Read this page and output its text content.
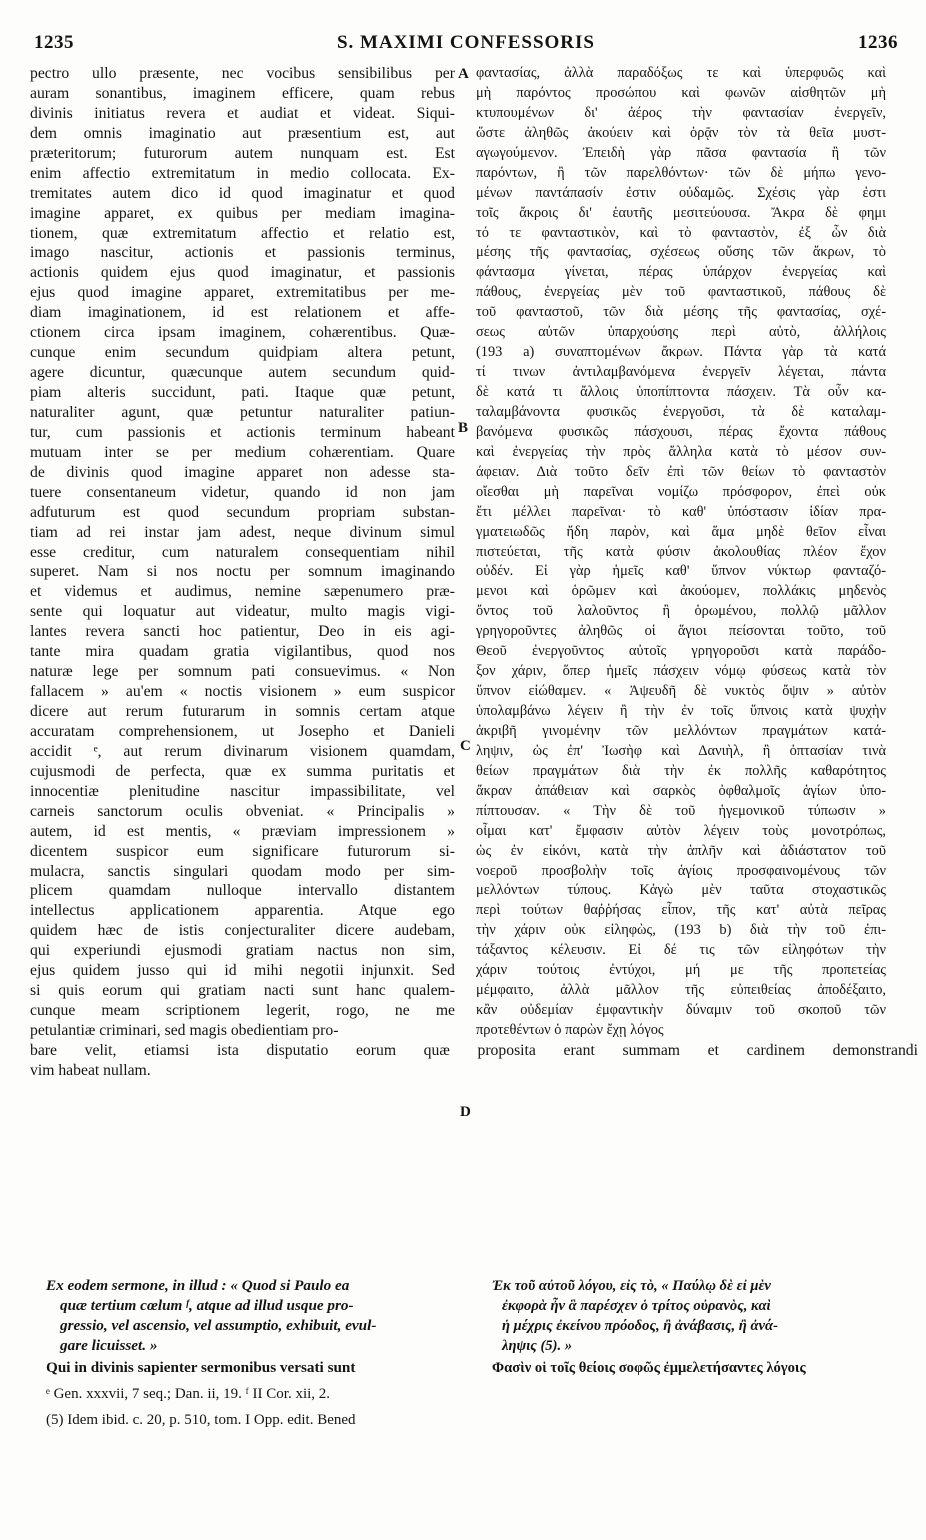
1235	S. MAXIMI CONFESSORIS	1236
pectro ullo præsente, nec vocibus sensibilibus per
auram sonantibus, imaginem efficere, quam rebus
divinis initiatus revera et audiat et videat. Siqui-
dem omnis imaginatio aut præsentium est, aut
præteritorum; futurorum autem nunquam est. Est
enim affectio extremitatum in medio collocata. Ex-
tremitates autem dico id quod imaginatur et quod
imagine apparet, ex quibus per mediam imagina-
tionem, quæ extremitatum affectio et relatio est,
imago nascitur, actionis et passionis terminus,
actionis quidem ejus quod imaginatur, et passionis
ejus quod imagine apparet, extremitatibus per me-
diam imaginationem, id est relationem et affe-
ctionem circa ipsam imaginem, cohærentibus. Quæ-
cunque enim secundum quidpiam altera petunt,
agere dicuntur, quæcunque autem secundum quid-
piam alteris succidunt, pati. Itaque quæ petunt,
naturaliter agunt, quæ petuntur naturaliter patiun-
tur, cum passionis et actionis terminum habeant
mutuam inter se per medium cohærentiam. Quare
de divinis quod imagine apparet non adesse sta-
tuere consentaneum videtur, quando id non jam
adfuturum est quod secundum propriam substan-
tiam ad rei instar jam adest, neque divinum simul
esse creditur, cum naturalem consequentiam nihil
superet. Nam si nos noctu per somnum imaginando
et videmus et audimus, nemine sæpenumero præ-
sente qui loquatur aut videatur, multo magis vigi-
lantes revera sancti hoc patientur, Deo in eis agi-
tante mira quadam gratia vigilantibus, quod nos
naturæ lege per somnum pati consuevimus. « Non
fallacem » au'em « noctis visionem » eum suspicor
dicere aut rerum futurarum in somnis certam atque
accuratam comprehensionem, ut Josepho et Danieli
accidit ᵉ, aut rerum divinarum visionem quamdam,
cujusmodi de perfecta, quæ ex summa puritatis et
innocentiæ plenitudine nascitur impassibilitate, vel
carneis sanctorum oculis obveniat. « Principalis »
autem, id est mentis, « præviam impressionem »
dicentem suspicor eum significare futurorum si-
mulacra, sanctis singulari quodam modo per sim-
plicem quamdam nulloque intervallo distantem
intellectus applicationem apparentia. Atque ego
quidem hæc de istis conjecturaliter dicere audebam,
qui experiundi ejusmodi gratiam nactus non sim,
ejus quidem jusso qui id mihi negotii injunxit. Sed
si quis eorum qui gratiam nacti sunt hanc qualem-
cunque meam scriptionem legerit, rogo, ne me
petulantiæ criminari, sed magis obedientiam pro-
φαντασίας, ἀλλὰ παραδόξως τε καὶ ὑπερφυῶς καὶ
μὴ παρόντος προσώπου καὶ φωνῶν αἰσθητῶν μὴ
κτυπουμένων δι' ἀέρος τὴν φαντασίαν ἐνεργεῖν,
ὥστε ἀληθῶς ἀκούειν καὶ ὁρᾷν τὸν τὰ θεῖα μυστ-
αγωγούμενον. Ἐπειδὴ γὰρ πᾶσα φαντασία ἢ τῶν
παρόντων, ἢ τῶν παρελθόντων· τῶν δὲ μήπω γενο-
μένων παντάπασίν ἐστιν οὐδαμῶς. Σχέσις γὰρ ἐστι
τοῖς ἄκροις δι' ἑαυτῆς μεσιτεύουσα. Ἄκρα δὲ φημι
τό τε φανταστικὸν, καὶ τὸ φανταστὸν, ἐξ ὧν διὰ
μέσης τῆς φαντασίας, σχέσεως οὔσης τῶν ἄκρων, τὸ
φάντασμα γίνεται, πέρας ὑπάρχον ἐνεργείας καὶ
πάθους, ἐνεργείας μὲν τοῦ φανταστικοῦ, πάθους δὲ
τοῦ φανταστοῦ, τῶν διὰ μέσης τῆς φαντασίας, σχέ-
σεως αὐτῶν ὑπαρχούσης περὶ αὐτὸ, ἀλλήλοις
(193 a) συναπτομένων ἄκρων. Πάντα γὰρ τὰ κατά
τί τινων ἀντιλαμβανόμενα ἐνεργεῖν λέγεται, πάντα
δὲ κατά τι ἄλλοις ὑποπίπτοντα πάσχειν. Τὰ οὖν κα-
ταλαμβάνοντα φυσικῶς ἐνεργοῦσι, τὰ δὲ καταλαμ-
βανόμενα φυσικῶς πάσχουσι, πέρας ἔχοντα πάθους
καὶ ἐνεργείας τὴν πρὸς ἄλληλα κατὰ τὸ μέσον συν-
άφειαν. Διὰ τοῦτο δεῖν ἐπὶ τῶν θείων τὸ φανταστὸν
οἴεσθαι μὴ παρεῖναι νομίζω πρόσφορον, ἐπεὶ οὐκ
ἔτι μέλλει παρεῖναι· τὸ καθ' ὑπόστασιν ἰδίαν πρα-
γματειωδῶς ἤδη παρὸν, καὶ ἅμα μηδὲ θεῖον εἶναι
πιστεύεται, τῆς κατὰ φύσιν ἀκολουθίας πλέον ἔχον
οὐδέν. Εἰ γὰρ ἡμεῖς καθ' ὕπνον νύκτωρ φανταζό-
μενοι καὶ ὁρῶμεν καὶ ἀκούομεν, πολλάκις μηδενὸς
ὄντος τοῦ λαλοῦντος ἢ ὁρωμένου, πολλῷ μᾶλλον
γρηγοροῦντες ἀληθῶς οἱ ἅγιοι πείσονται τοῦτο, τοῦ
Θεοῦ ἐνεργοῦντος αὐτοῖς γρηγοροῦσι κατὰ παράδο-
ξον χάριν, ὅπερ ἡμεῖς πάσχειν νόμῳ φύσεως κατὰ τὸν
ὕπνον εἰώθαμεν. « Ἀψευδῆ δὲ νυκτὸς ὄψιν » αὐτὸν
ὑπολαμβάνω λέγειν ἢ τὴν ἐν τοῖς ὕπνοις κατὰ ψυχὴν
ἀκριβῆ γινομένην τῶν μελλόντων πραγμάτων κατά-
ληψιν, ὡς ἐπ' Ἰωσὴφ καὶ Δανιὴλ, ἢ ὀπτασίαν τινὰ
θείων πραγμάτων διὰ τὴν ἐκ πολλῆς καθαρότητος
ἄκραν ἀπάθειαν καὶ σαρκὸς ὀφθαλμοῖς ἁγίων ὑπο-
πίπτουσαν. « Τὴν δὲ τοῦ ἡγεμονικοῦ τύπωσιν »
οἶμαι κατ' ἔμφασιν αὐτὸν λέγειν τοὺς μονοτρόπως,
ὡς ἐν εἰκόνι, κατὰ τὴν ἁπλῆν καὶ ἀδιάστατον τοῦ
νοεροῦ προσβολὴν τοῖς ἁγίοις προσφαινομένους τῶν
μελλόντων τύπους. Κἀγὼ μὲν ταῦτα στοχαστικῶς
περὶ τούτων θαῤῥήσας εἶπον, τῆς κατ' αὐτὰ πεῖρας
τὴν χάριν οὐκ εἰληφὼς, (193 b) διὰ τὴν τοῦ ἐπι-
τάξαντος κέλευσιν. Εἰ δέ τις τῶν εἰληφότων τὴν
χάριν τούτοις ἐντύχοι, μή με τῆς προπετείας
μέμφαιτο, ἀλλὰ μᾶλλον τῆς εὐπειθείας ἀποδέξαιτο,
κἂν οὐδεμίαν ἐμφαντικὴν δύναμιν τοῦ σκοποῦ τῶν
προτεθέντων ὁ παρὼν ἔχῃ λόγος
A
B
C
D
bare velit, etiamsi ista disputatio eorum quæ proposita erant summam et cardinem demonstrandi
vim habeat nullam.
Ex eodem sermone, in illud : « Quod si Paulo ea
quæ tertium cœlum ᶠ, atque ad illud usque pro-
gressio, vel ascensio, vel assumptio, exhibuit, evul-
gare licuisset. »
Qui in divinis sapienter sermonibus versati sunt
Ἐκ τοῦ αὐτοῦ λόγου, εἰς τὸ, « Παύλῳ δὲ εἰ μὲν
ἐκφορὰ ἦν ἃ παρέσχεν ὁ τρίτος οὐρανὸς, καὶ
ἡ μέχρις ἐκείνου πρόοδος, ἢ ἀνάβασις, ἢ ἀνά-
ληψις (5). »
Φασὶν οἱ τοῖς θείοις σοφῶς ἐμμελετήσαντες λόγοις
ᵉ Gen. xxxvii, 7 seq.; Dan. ii, 19. ᶠ II Cor. xii, 2.
(5) Idem ibid. c. 20, p. 510, tom. I Opp. edit. Bened
